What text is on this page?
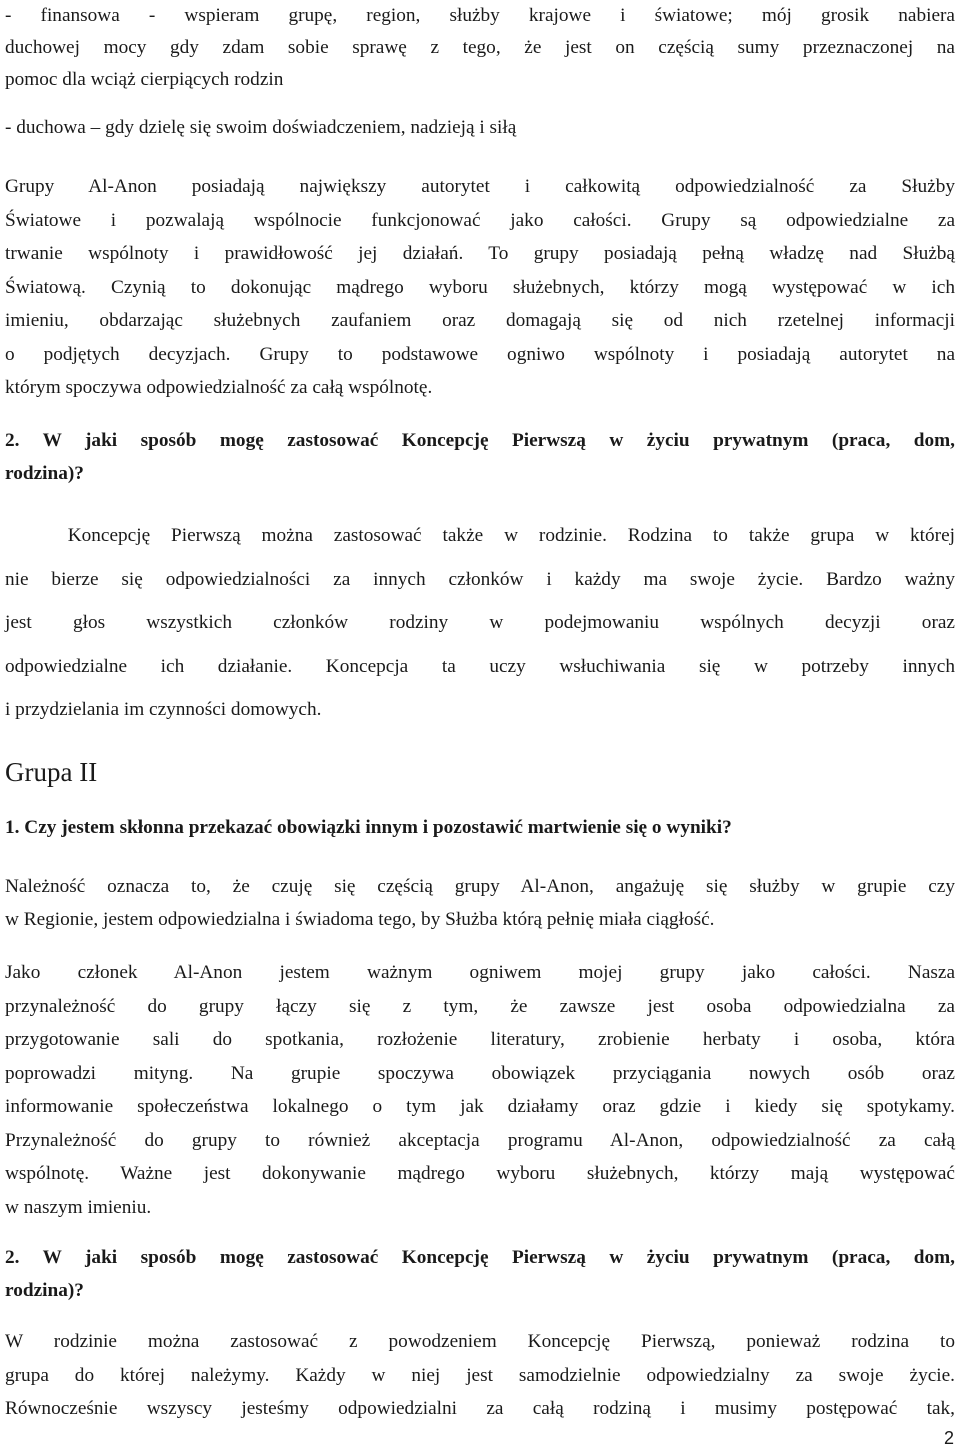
- finansowa - wspieram grupę, region, służby krajowe i światowe; mój grosik nabiera
duchowej mocy gdy zdam sobie sprawę z tego, że jest on częścią sumy przeznaczonej na
pomoc dla wciąż cierpiących rodzin
- duchowa – gdy dzielę się swoim doświadczeniem, nadzieją i siłą
Grupy Al-Anon posiadają największy autorytet i całkowitą odpowiedzialność za Służby
Światowe i pozwalają wspólnocie funkcjonować jako całości. Grupy są odpowiedzialne za
trwanie wspólnoty i prawidłowość jej działań. To grupy posiadają pełną władzę nad Służbą
Światową. Czynią to dokonując mądrego wyboru służebnych, którzy mogą występować w ich
imieniu, obdarzając służebnych zaufaniem oraz domagają się od nich rzetelnej informacji
o podjętych decyzjach. Grupy to podstawowe ogniwo wspólnoty i posiadają autorytet na
którym spoczywa odpowiedzialność za całą wspólnotę.
2. W jaki sposób mogę zastosować Koncepcję Pierwszą w życiu prywatnym (praca, dom,
rodzina)?
Koncepcję Pierwszą można zastosować także w rodzinie. Rodzina to także grupa w której
nie bierze się odpowiedzialności za innych członków i każdy ma swoje życie. Bardzo ważny
jest głos wszystkich członków rodziny w podejmowaniu wspólnych decyzji oraz
odpowiedzialne ich działanie. Koncepcja ta uczy wsłuchiwania się w potrzeby innych
i przydzielania im czynności domowych.
Grupa II
1. Czy jestem skłonna przekazać obowiązki innym i pozostawić martwienie się o wyniki?
Należność oznacza to, że czuję się częścią grupy Al-Anon, angażuję się służby w grupie czy
w Regionie, jestem odpowiedzialna i świadoma tego, by Służba którą pełnię miała ciągłość.
Jako członek Al-Anon jestem ważnym ogniwem mojej grupy jako całości. Nasza
przynależność do grupy łączy się z tym, że zawsze jest osoba odpowiedzialna za
przygotowanie sali do spotkania, rozłożenie literatury, zrobienie herbaty i osoba, która
poprowadzi mityng. Na grupie spoczywa obowiązek przyciągania nowych osób oraz
informowanie społeczeństwa lokalnego o tym jak działamy oraz gdzie i kiedy się spotykamy.
Przynależność do grupy to również akceptacja programu Al-Anon, odpowiedzialność za całą
wspólnotę. Ważne jest dokonywanie mądrego wyboru służebnych, którzy mają występować
w naszym imieniu.
2. W jaki sposób mogę zastosować Koncepcję Pierwszą w życiu prywatnym (praca, dom,
rodzina)?
W rodzinie można zastosować z powodzeniem Koncepcję Pierwszą, ponieważ rodzina to
grupa do której należymy. Każdy w niej jest samodzielnie odpowiedzialny za swoje życie.
Równocześnie wszyscy jesteśmy odpowiedzialni za całą rodziną i musimy postępować tak,
2
